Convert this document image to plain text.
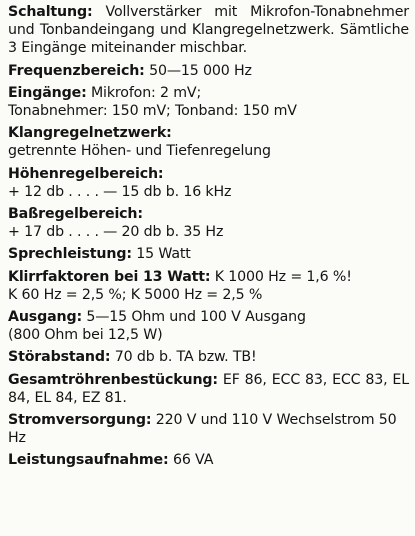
Schaltung: Vollverstärker mit Mikrofon-Tonabnehmer und Tonbandeingang und Klangregelnetzwerk. Sämtliche 3 Eingänge miteinander mischbar.
Frequenzbereich: 50—15 000 Hz
Eingänge: Mikrofon: 2 mV;
Tonabnehmer: 150 mV; Tonband: 150 mV
Klangregelnetzwerk:
getrennte Höhen- und Tiefenregelung
Höhenregelbereich:
+ 12 db . . . . — 15 db b. 16 kHz
Baßregelbereich:
+ 17 db . . . . — 20 db b. 35 Hz
Sprechleistung: 15 Watt
Klirrfaktoren bei 13 Watt: K 1000 Hz = 1,6 %!
K 60 Hz = 2,5 %; K 5000 Hz = 2,5 %
Ausgang: 5—15 Ohm und 100 V Ausgang
(800 Ohm bei 12,5 W)
Störabstand: 70 db b. TA bzw. TB!
Gesamtröhrenbestückung: EF 86, ECC 83, ECC 83, EL 84, EL 84, EZ 81.
Stromversorgung: 220 V und 110 V Wechselstrom 50 Hz
Leistungsaufnahme: 66 VA
